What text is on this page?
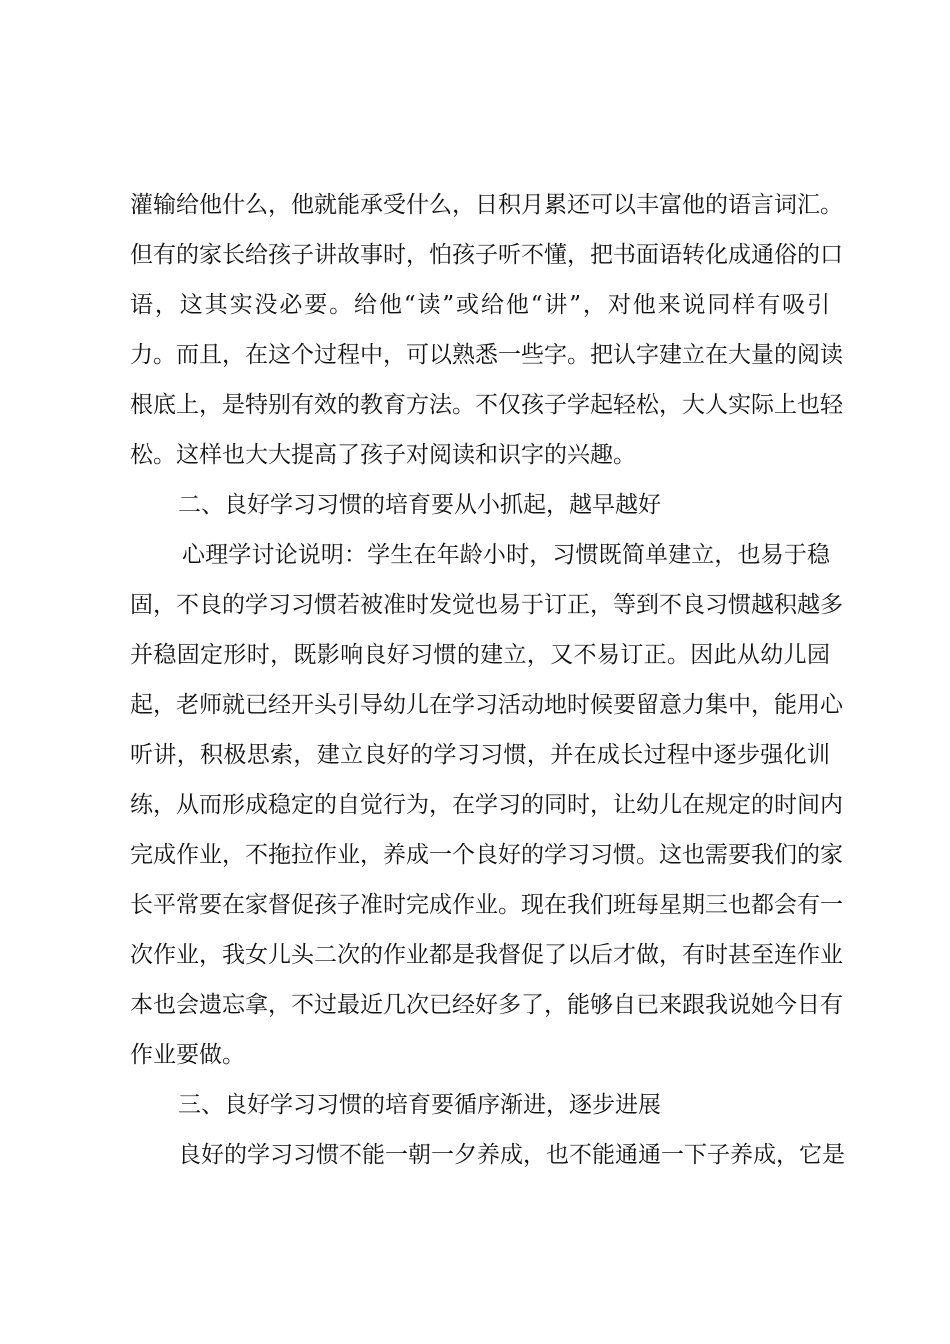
灌输给他什么，他就能承受什么，日积月累还可以丰富他的语言词汇。
但有的家长给孩子讲故事时，怕孩子听不懂，把书面语转化成通俗的口
语，这其实没必要。给他“读”或给他“讲”，对他来说同样有吸引
力。而且，在这个过程中，可以熟悉一些字。把认字建立在大量的阅读
根底上，是特别有效的教育方法。不仅孩子学起轻松，大人实际上也轻
松。这样也大大提高了孩子对阅读和识字的兴趣。
二、良好学习习惯的培育要从小抓起，越早越好
心理学讨论说明：学生在年龄小时，习惯既简单建立，也易于稳
固，不良的学习习惯若被准时发觉也易于订正，等到不良习惯越积越多
并稳固定形时，既影响良好习惯的建立，又不易订正。因此从幼儿园
起，老师就已经开头引导幼儿在学习活动地时候要留意力集中，能用心
听讲，积极思索，建立良好的学习习惯，并在成长过程中逐步强化训
练，从而形成稳定的自觉行为，在学习的同时，让幼儿在规定的时间内
完成作业，不拖拉作业，养成一个良好的学习习惯。这也需要我们的家
长平常要在家督促孩子准时完成作业。现在我们班每星期三也都会有一
次作业，我女儿头二次的作业都是我督促了以后才做，有时甚至连作业
本也会遗忘拿，不过最近几次已经好多了，能够自已来跟我说她今日有
作业要做。
三、良好学习习惯的培育要循序渐进，逐步进展
良好的学习习惯不能一朝一夕养成，也不能通通一下子养成，它是
